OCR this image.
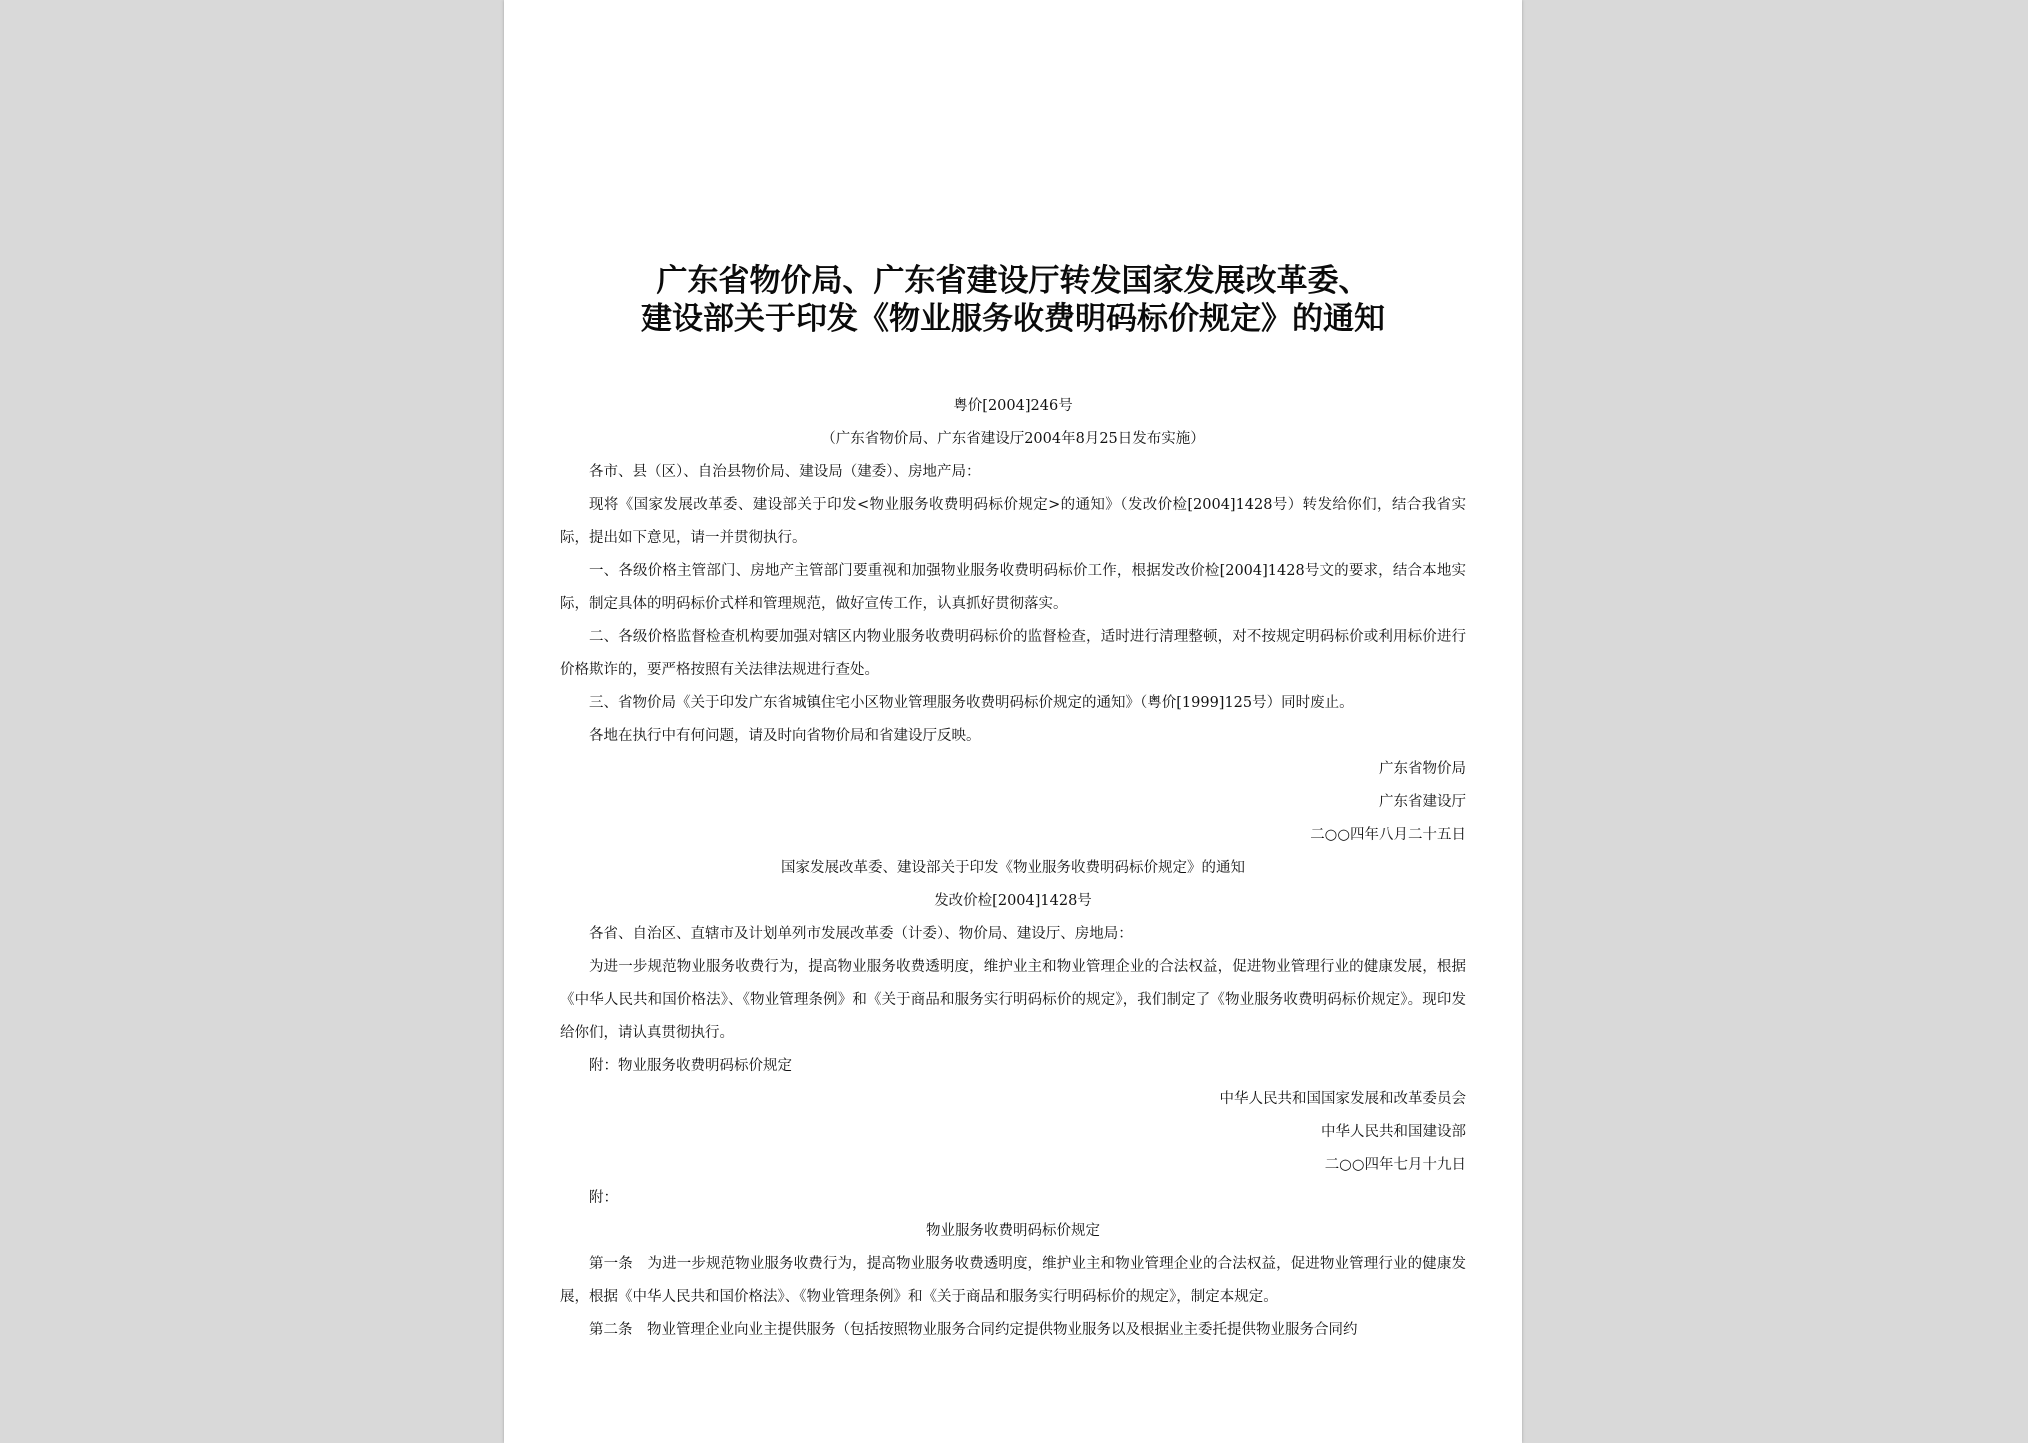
广东省物价局、广东省建设厅转发国家发展改革委、
建设部关于印发《物业服务收费明码标价规定》的通知
粤价[2004]246号
（广东省物价局、广东省建设厅2004年8月25日发布实施）

各市、县（区）、自治县物价局、建设局（建委）、房地产局：

现将《国家发展改革委、建设部关于印发<物业服务收费明码标价规定>的通知》（发改价检[2004]1428号）转发给你们，结合我省实际，提出如下意见，请一并贯彻执行。

一、各级价格主管部门、房地产主管部门要重视和加强物业服务收费明码标价工作，根据发改价检[2004]1428号文的要求，结合本地实际，制定具体的明码标价式样和管理规范，做好宣传工作，认真抓好贯彻落实。

二、各级价格监督检查机构要加强对辖区内物业服务收费明码标价的监督检查，适时进行清理整顿，对不按规定明码标价或利用标价进行价格欺诈的，要严格按照有关法律法规进行查处。

三、省物价局《关于印发广东省城镇住宅小区物业管理服务收费明码标价规定的通知》（粤价[1999]125号）同时废止。

各地在执行中有何问题，请及时向省物价局和省建设厅反映。

广东省物价局
广东省建设厅
二○○四年八月二十五日
国家发展改革委、建设部关于印发《物业服务收费明码标价规定》的通知
发改价检[2004]1428号

各省、自治区、直辖市及计划单列市发展改革委（计委）、物价局、建设厅、房地局：

为进一步规范物业服务收费行为，提高物业服务收费透明度，维护业主和物业管理企业的合法权益，促进物业管理行业的健康发展，根据《中华人民共和国价格法》、《物业管理条例》和《关于商品和服务实行明码标价的规定》，我们制定了《物业服务收费明码标价规定》。现印发给你们，请认真贯彻执行。

附：物业服务收费明码标价规定

中华人民共和国国家发展和改革委员会
中华人民共和国建设部
二○○四年七月十九日

附：

物业服务收费明码标价规定

第一条　为进一步规范物业服务收费行为，提高物业服务收费透明度，维护业主和物业管理企业的合法权益，促进物业管理行业的健康发展，根据《中华人民共和国价格法》、《物业管理条例》和《关于商品和服务实行明码标价的规定》，制定本规定。

第二条　物业管理企业向业主提供服务（包括按照物业服务合同约定提供物业服务以及根据业主委托提供物业服务合同约
